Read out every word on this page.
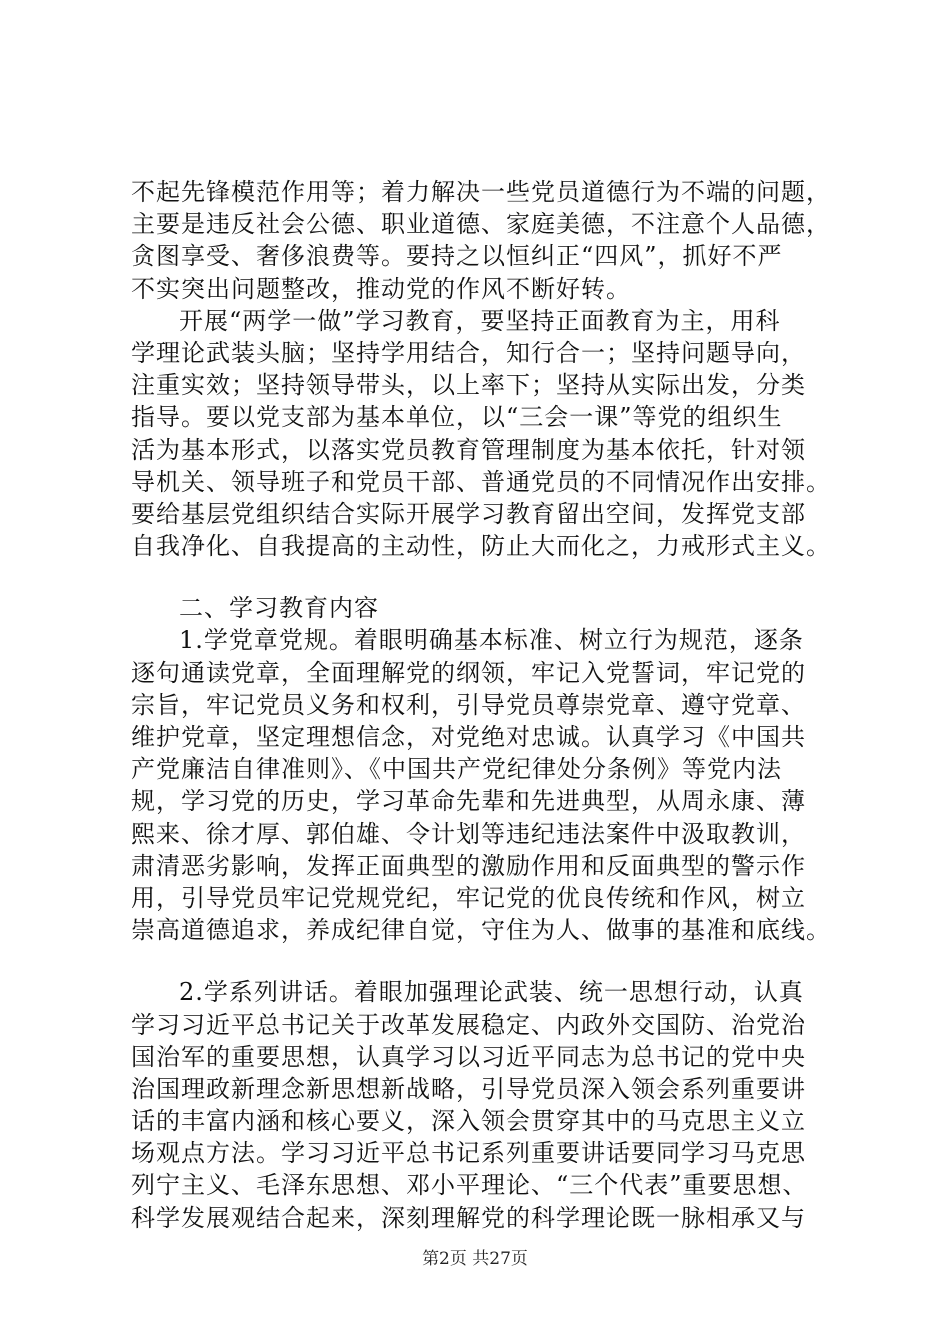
不起先锋模范作用等；着力解决一些党员道德行为不端的问题，
主要是违反社会公德、职业道德、家庭美德，不注意个人品德，
贪图享受、奢侈浪费等。要持之以恒纠正“四风”，抓好不严
不实突出问题整改，推动党的作风不断好转。
开展“两学一做”学习教育，要坚持正面教育为主，用科
学理论武装头脑；坚持学用结合，知行合一；坚持问题导向，
注重实效；坚持领导带头，以上率下；坚持从实际出发，分类
指导。要以党支部为基本单位，以“三会一课”等党的组织生
活为基本形式，以落实党员教育管理制度为基本依托，针对领
导机关、领导班子和党员干部、普通党员的不同情况作出安排。
要给基层党组织结合实际开展学习教育留出空间，发挥党支部
自我净化、自我提高的主动性，防止大而化之，力戒形式主义。
二、学习教育内容
1.学党章党规。着眼明确基本标准、树立行为规范，逐条
逐句通读党章，全面理解党的纲领，牢记入党誓词，牢记党的
宗旨，牢记党员义务和权利，引导党员尊崇党章、遵守党章、
维护党章，坚定理想信念，对党绝对忠诚。认真学习《中国共
产党廉洁自律准则》、《中国共产党纪律处分条例》等党内法
规，学习党的历史，学习革命先辈和先进典型，从周永康、薄
熙来、徐才厚、郭伯雄、令计划等违纪违法案件中汲取教训，
肃清恶劣影响，发挥正面典型的激励作用和反面典型的警示作
用，引导党员牢记党规党纪，牢记党的优良传统和作风，树立
崇高道德追求，养成纪律自觉，守住为人、做事的基准和底线。
2.学系列讲话。着眼加强理论武装、统一思想行动，认真
学习习近平总书记关于改革发展稳定、内政外交国防、治党治
国治军的重要思想，认真学习以习近平同志为总书记的党中央
治国理政新理念新思想新战略，引导党员深入领会系列重要讲
话的丰富内涵和核心要义，深入领会贯穿其中的马克思主义立
场观点方法。学习习近平总书记系列重要讲话要同学习马克思
列宁主义、毛泽东思想、邓小平理论、“三个代表”重要思想、
科学发展观结合起来，深刻理解党的科学理论既一脉相承又与
第2页 共27页
